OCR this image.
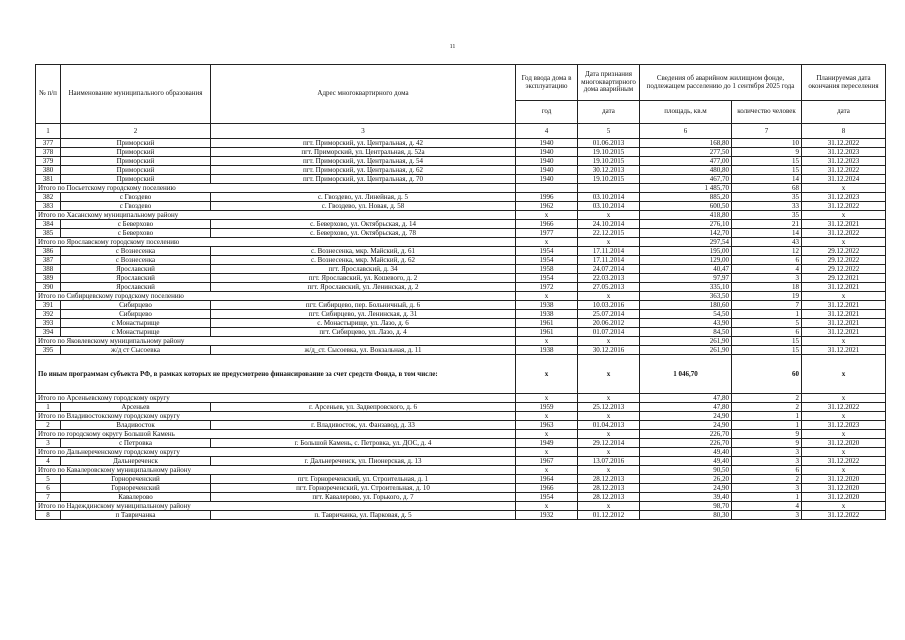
11
№ п/п	Наименование муниципального образования	Адрес многоквартирного дома	Год ввода дома в эксплуатацию	Дата признания многоквартирного дома аварийным	Сведения об аварийном жилищном фонде, подлежащем расселению до 1 сентября 2025 года		Планируемая дата окончания переселения
			год	дата	площадь, кв.м	количество человек	дата
1	2	3	4	5	6	7	8
377	Приморский	пгт. Приморский, ул. Центральная, д. 42	1940	01.06.2013	168,80	10	31.12.2022
378	Приморский	пгт. Приморский, ул. Центральная, д. 52а	1940	19.10.2015	277,50	9	31.12.2023
379	Приморский	пгт. Приморский, ул. Центральная, д. 54	1940	19.10.2015	477,00	15	31.12.2023
380	Приморский	пгт. Приморский, ул. Центральная, д. 62	1940	30.12.2013	480,80	15	31.12.2022
381	Приморский	пгт. Приморский, ул. Центральная, д. 70	1940	19.10.2015	467,70	14	31.12.2024
Итого по Посьетскому городскому поселению					1 485,70	68	x
382	с Гвоздево	с. Гвоздево, ул. Линейная, д. 5	1996	03.10.2014	885,20	35	31.12.2023
383	с Гвоздево	с. Гвоздево, ул. Новая, д. 58	1962	03.10.2014	600,50	33	31.12.2022
Итого по Хасанскому муниципальному району			x	x	418,80	35	x
384	с Беверхово	с. Беверхово, ул. Октябрьская, д. 14	1966	24.10.2014	276,10	21	31.12.2021
385	с Беверхово	с. Беверхово, ул. Октябрьская, д. 78	1977	22.12.2015	142,70	14	31.12.2022
Итого по Ярославскому городскому поселению			x	x	297,54	43	x
386	с Вознесенка	с. Вознесенка, мкр. Майский, д. 61	1954	17.11.2014	195,00	12	29.12.2022
387	с Вознесенка	с. Вознесенка, мкр. Майский, д. 62	1954	17.11.2014	129,00	6	29.12.2022
388	Ярославский	пгт. Ярославский, д. 34	1958	24.07.2014	40,47	4	29.12.2022
389	Ярославский	пгт. Ярославский, ул. Кошевого, д. 2	1954	22.03.2013	97,97	3	29.12.2021
390	Ярославский	пгт. Ярославский, ул. Ленинская, д. 2	1972	27.05.2013	335,10	18	31.12.2021
Итого по Сибирцевскому городскому поселению			x	x	363,50	19	x
391	Сибирцево	пгт. Сибирцево, пер. Больничный, д. 6	1938	10.03.2016	180,60	7	31.12.2021
392	Сибирцево	пгт. Сибирцево, ул. Ленинская, д. 31	1938	25.07.2014	54,50	1	31.12.2021
393	с Монастырище	с. Монастырище, ул. Лазо, д. 6	1961	20.06.2012	43,90	5	31.12.2021
394	с Монастырище	пгт. Сибирцево, ул. Лазо, д. 4	1961	01.07.2014	84,50	6	31.12.2021
Итого по Яковлевскому муниципальному району			x	x	261,90	15	x
395	ж/д ст Сысоевка	ж/д_ст. Сысоевка, ул. Вокзальная, д. 11	1938	30.12.2016	261,90	15	31.12.2021
По иным программам субъекта РФ, в рамках которых не предусмотрено финансирование за счет средств Фонда, в том числе:			x	x	1 046,70	60	x
Итого по Арсеньевскому городскому округу			x	x	47,80	2	x
1	Арсеньев	г. Арсеньев, ул. Задвепровского, д. 6	1959	25.12.2013	47,80	2	31.12.2022
Итого по Владивостокскому городскому округу			x	x	24,90	1	x
2	Владивосток	г. Владивосток, ул. Фанзавод, д. 33	1963	01.04.2013	24,90	1	31.12.2023
Итого по городскому округу Большой Камень			x	x	226,70	9	x
3	с Петровка	г. Большой Камень, с. Петровка, ул. ДОС, д. 4	1949	29.12.2014	226,70	9	31.12.2020
Итого по Дальнереченскому городскому округу			x	x	49,40	3	x
4	Дальнереченск	г. Дальнереченск, ул. Пионерская, д. 13	1967	13.07.2016	49,40	3	31.12.2022
Итого по Кавалеровскому муниципальному району			x	x	90,50	6	x
5	Горнореченский	пгт. Горнореченский, ул. Строительная, д. 1	1964	28.12.2013	26,20	2	31.12.2020
6	Горнореченский	пгт. Горнореченский, ул. Строительная, д. 10	1966	28.12.2013	24,90	3	31.12.2020
7	Кавалерово	пгт. Кавалерово, ул. Горького, д. 7	1954	28.12.2013	39,40	1	31.12.2020
Итого по Надеждинскому муниципальному району			x	x	98,70	4	x
8	п Тавричанка	п. Тавричанка, ул. Парковая, д. 5	1932	01.12.2012	80,30	3	31.12.2022
